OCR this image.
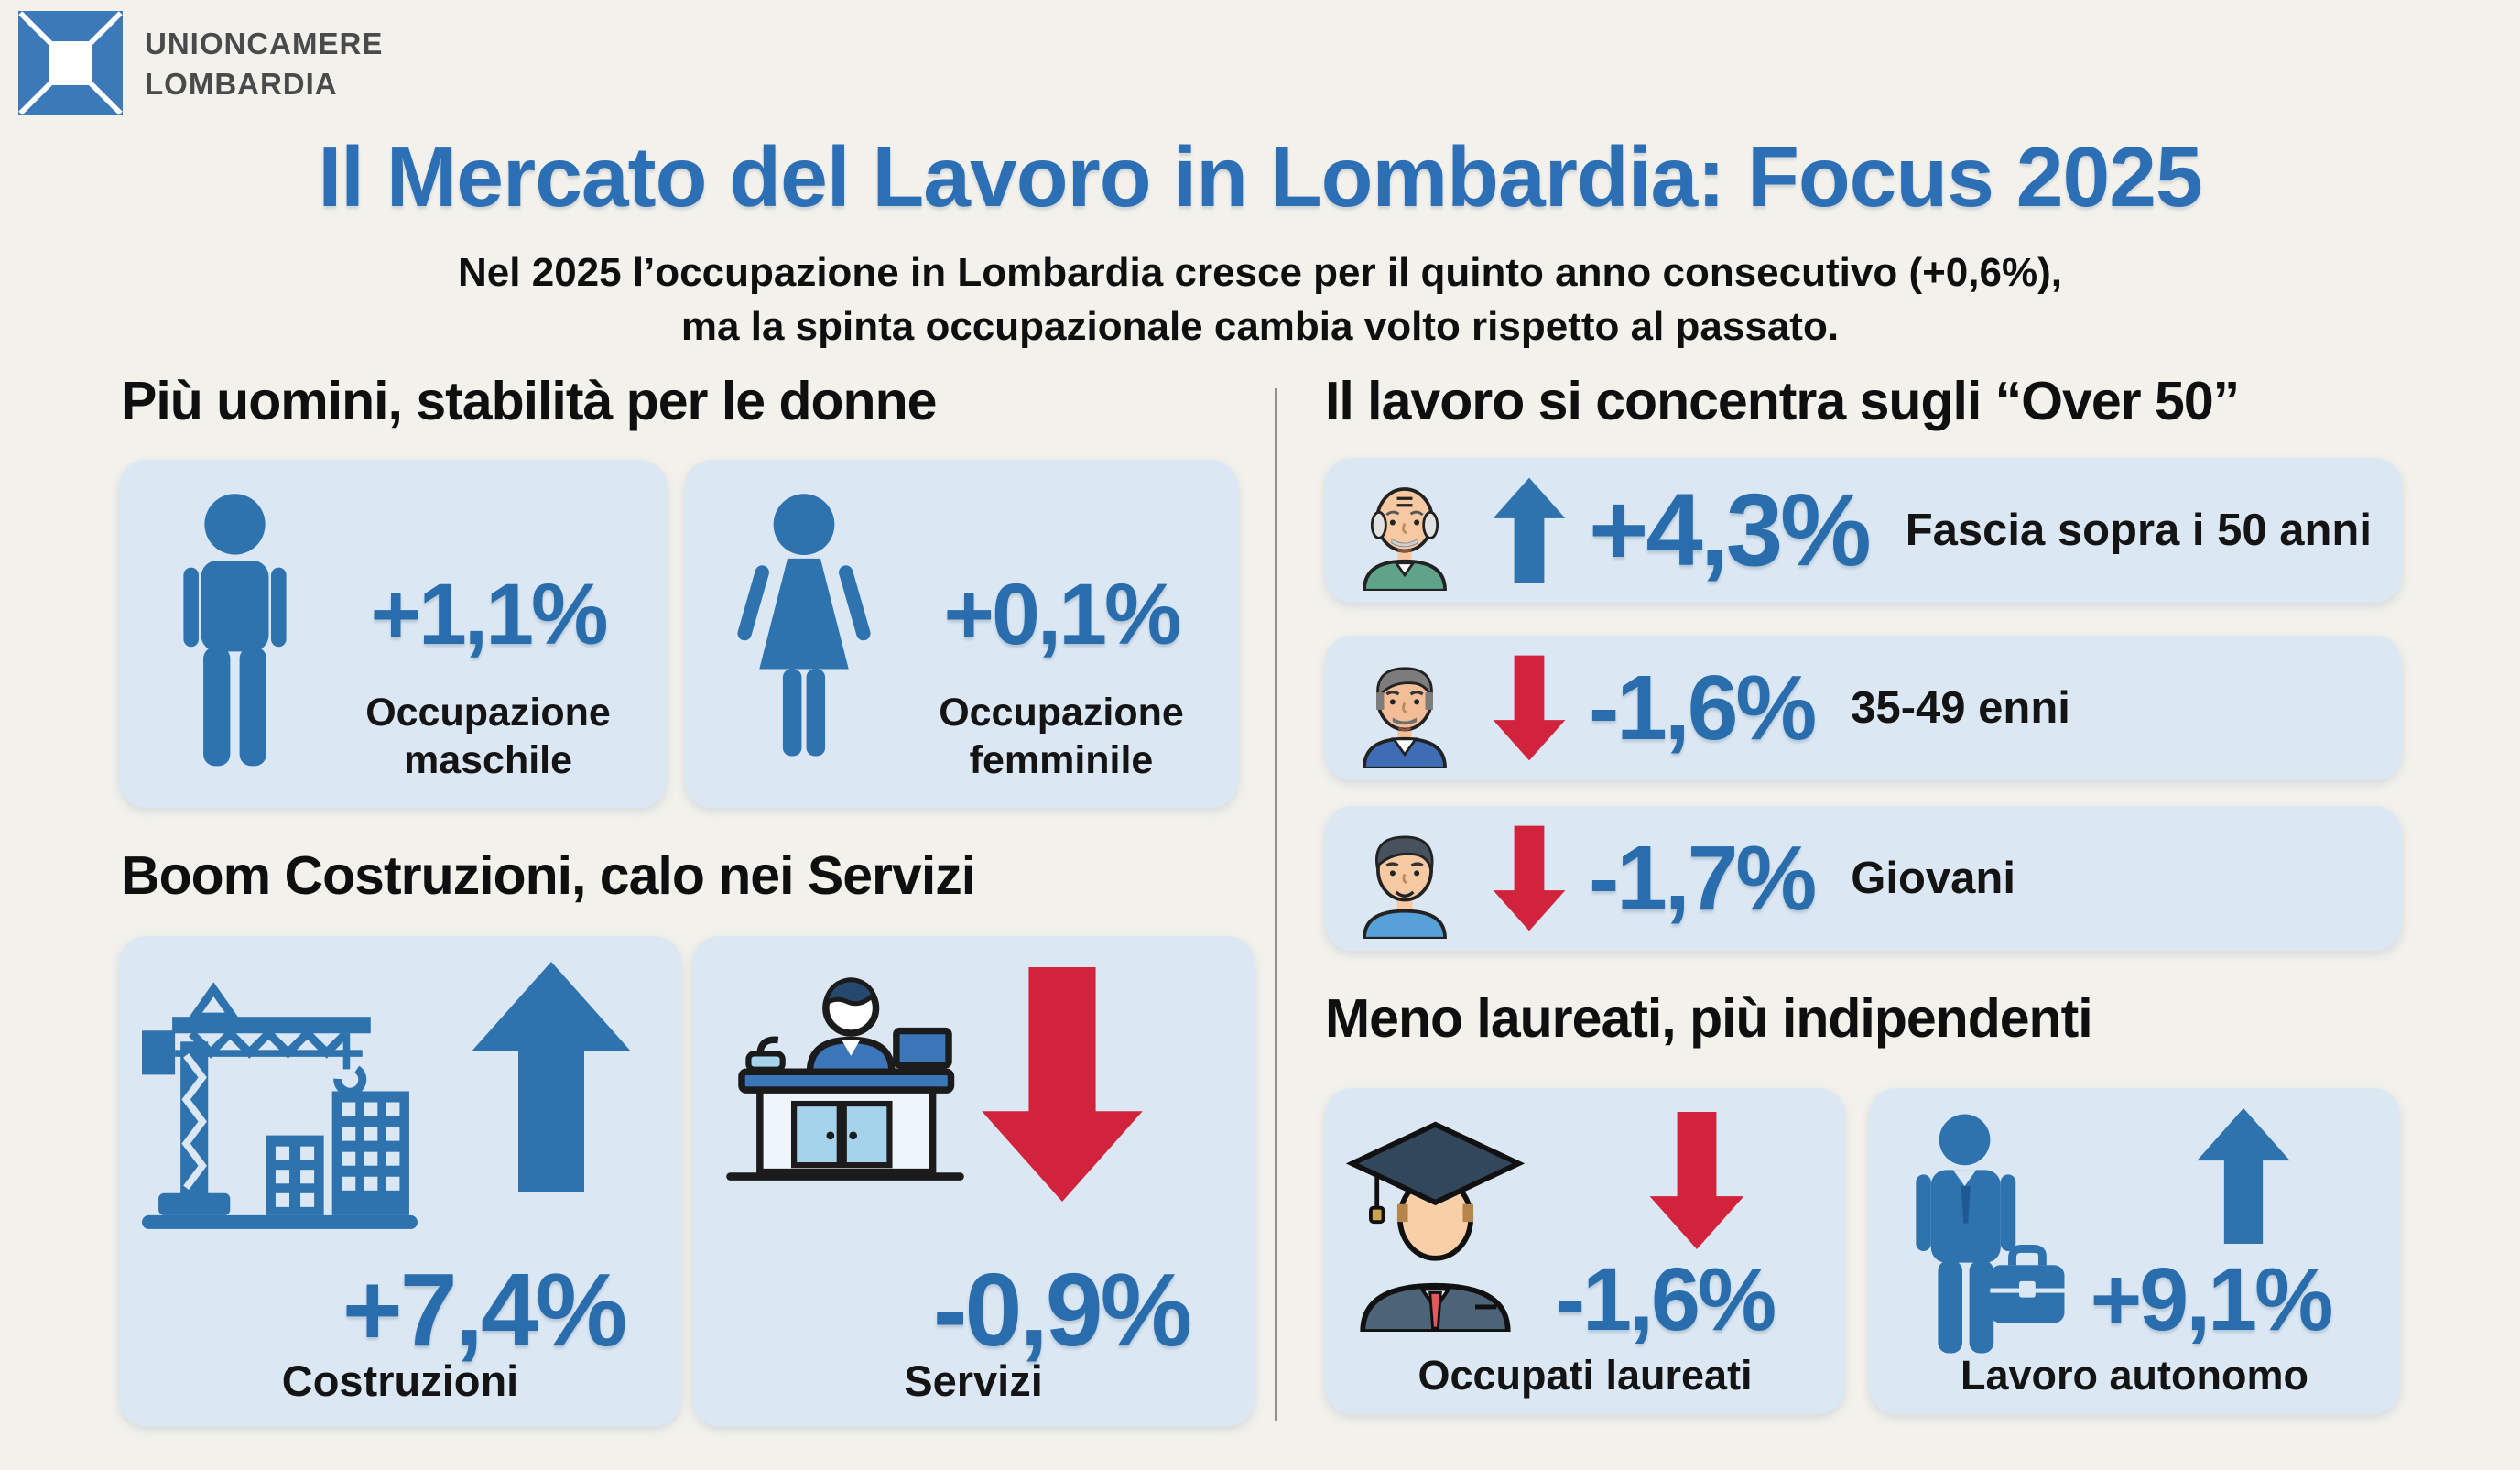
UNIONCAMERE
LOMBARDIA
Il Mercato del Lavoro in Lombardia: Focus 2025
Nel 2025 l’occupazione in Lombardia cresce per il quinto anno consecutivo (+0,6%),
ma la spinta occupazionale cambia volto rispetto al passato.
Più uomini, stabilità per le donne
+1,1%
Occupazione
maschile
+0,1%
Occupazione
femminile
Boom Costruzioni, calo nei Servizi
+7,4%
Costruzioni
-0,9%
Servizi
Il lavoro si concentra sugli “Over 50”
+4,3% Fascia sopra i 50 anni
-1,6% 35-49 enni
-1,7% Giovani
Meno laureati, più indipendenti
-1,6%
Occupati laureati
+9,1%
Lavoro autonomo
